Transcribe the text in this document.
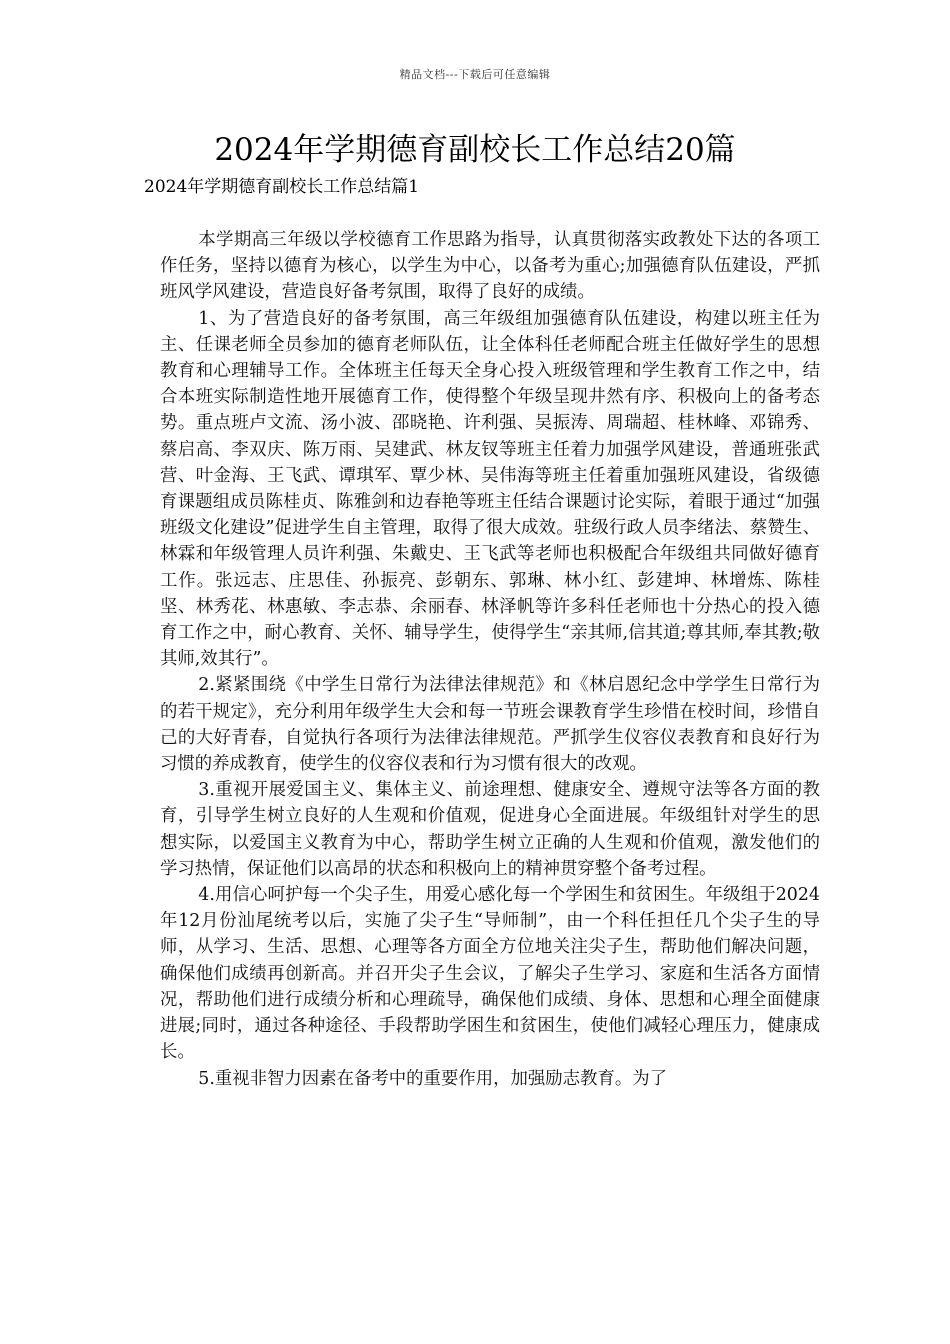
精品文档---下载后可任意编辑
2024年学期德育副校长工作总结20篇
2024年学期德育副校长工作总结篇1

本学期高三年级以学校德育工作思路为指导，认真贯彻落实政教处下达的各项工作任务，坚持以德育为核心，以学生为中心，以备考为重心;加强德育队伍建设，严抓班风学风建设，营造良好备考氛围，取得了良好的成绩。

1、为了营造良好的备考氛围，高三年级组加强德育队伍建设，构建以班主任为主、任课老师全员参加的德育老师队伍，让全体科任老师配合班主任做好学生的思想教育和心理辅导工作。全体班主任每天全身心投入班级管理和学生教育工作之中，结合本班实际制造性地开展德育工作，使得整个年级呈现井然有序、积极向上的备考态势。重点班卢文流、汤小波、邵晓艳、许利强、吴振涛、周瑞超、桂林峰、邓锦秀、蔡启高、李双庆、陈万雨、吴建武、林友钗等班主任着力加强学风建设，普通班张武营、叶金海、王飞武、谭琪军、覃少林、吴伟海等班主任着重加强班风建设，省级德育课题组成员陈桂贞、陈雅剑和边春艳等班主任结合课题讨论实际，着眼于通过“加强班级文化建设”促进学生自主管理，取得了很大成效。驻级行政人员李绪法、蔡赞生、林霖和年级管理人员许利强、朱戴史、王飞武等老师也积极配合年级组共同做好德育工作。张远志、庄思佳、孙振亮、彭朝东、郭琳、林小红、彭建坤、林增炼、陈桂坚、林秀花、林惠敏、李志恭、余丽春、林泽帆等许多科任老师也十分热心的投入德育工作之中，耐心教育、关怀、辅导学生，使得学生“亲其师,信其道;尊其师,奉其教;敬其师,效其行”。

2.紧紧围绕《中学生日常行为法律法律规范》和《林启恩纪念中学学生日常行为的若干规定》，充分利用年级学生大会和每一节班会课教育学生珍惜在校时间，珍惜自己的大好青春，自觉执行各项行为法律法律规范。严抓学生仪容仪表教育和良好行为习惯的养成教育，使学生的仪容仪表和行为习惯有很大的改观。

3.重视开展爱国主义、集体主义、前途理想、健康安全、遵规守法等各方面的教育，引导学生树立良好的人生观和价值观，促进身心全面进展。年级组针对学生的思想实际，以爱国主义教育为中心，帮助学生树立正确的人生观和价值观，激发他们的学习热情，保证他们以高昂的状态和积极向上的精神贯穿整个备考过程。

4.用信心呵护每一个尖子生，用爱心感化每一个学困生和贫困生。年级组于2024年12月份汕尾统考以后，实施了尖子生“导师制”，由一个科任担任几个尖子生的导师，从学习、生活、思想、心理等各方面全方位地关注尖子生，帮助他们解决问题，确保他们成绩再创新高。并召开尖子生会议，了解尖子生学习、家庭和生活各方面情况，帮助他们进行成绩分析和心理疏导，确保他们成绩、身体、思想和心理全面健康进展;同时，通过各种途径、手段帮助学困生和贫困生，使他们减轻心理压力，健康成长。

5.重视非智力因素在备考中的重要作用，加强励志教育。为了
